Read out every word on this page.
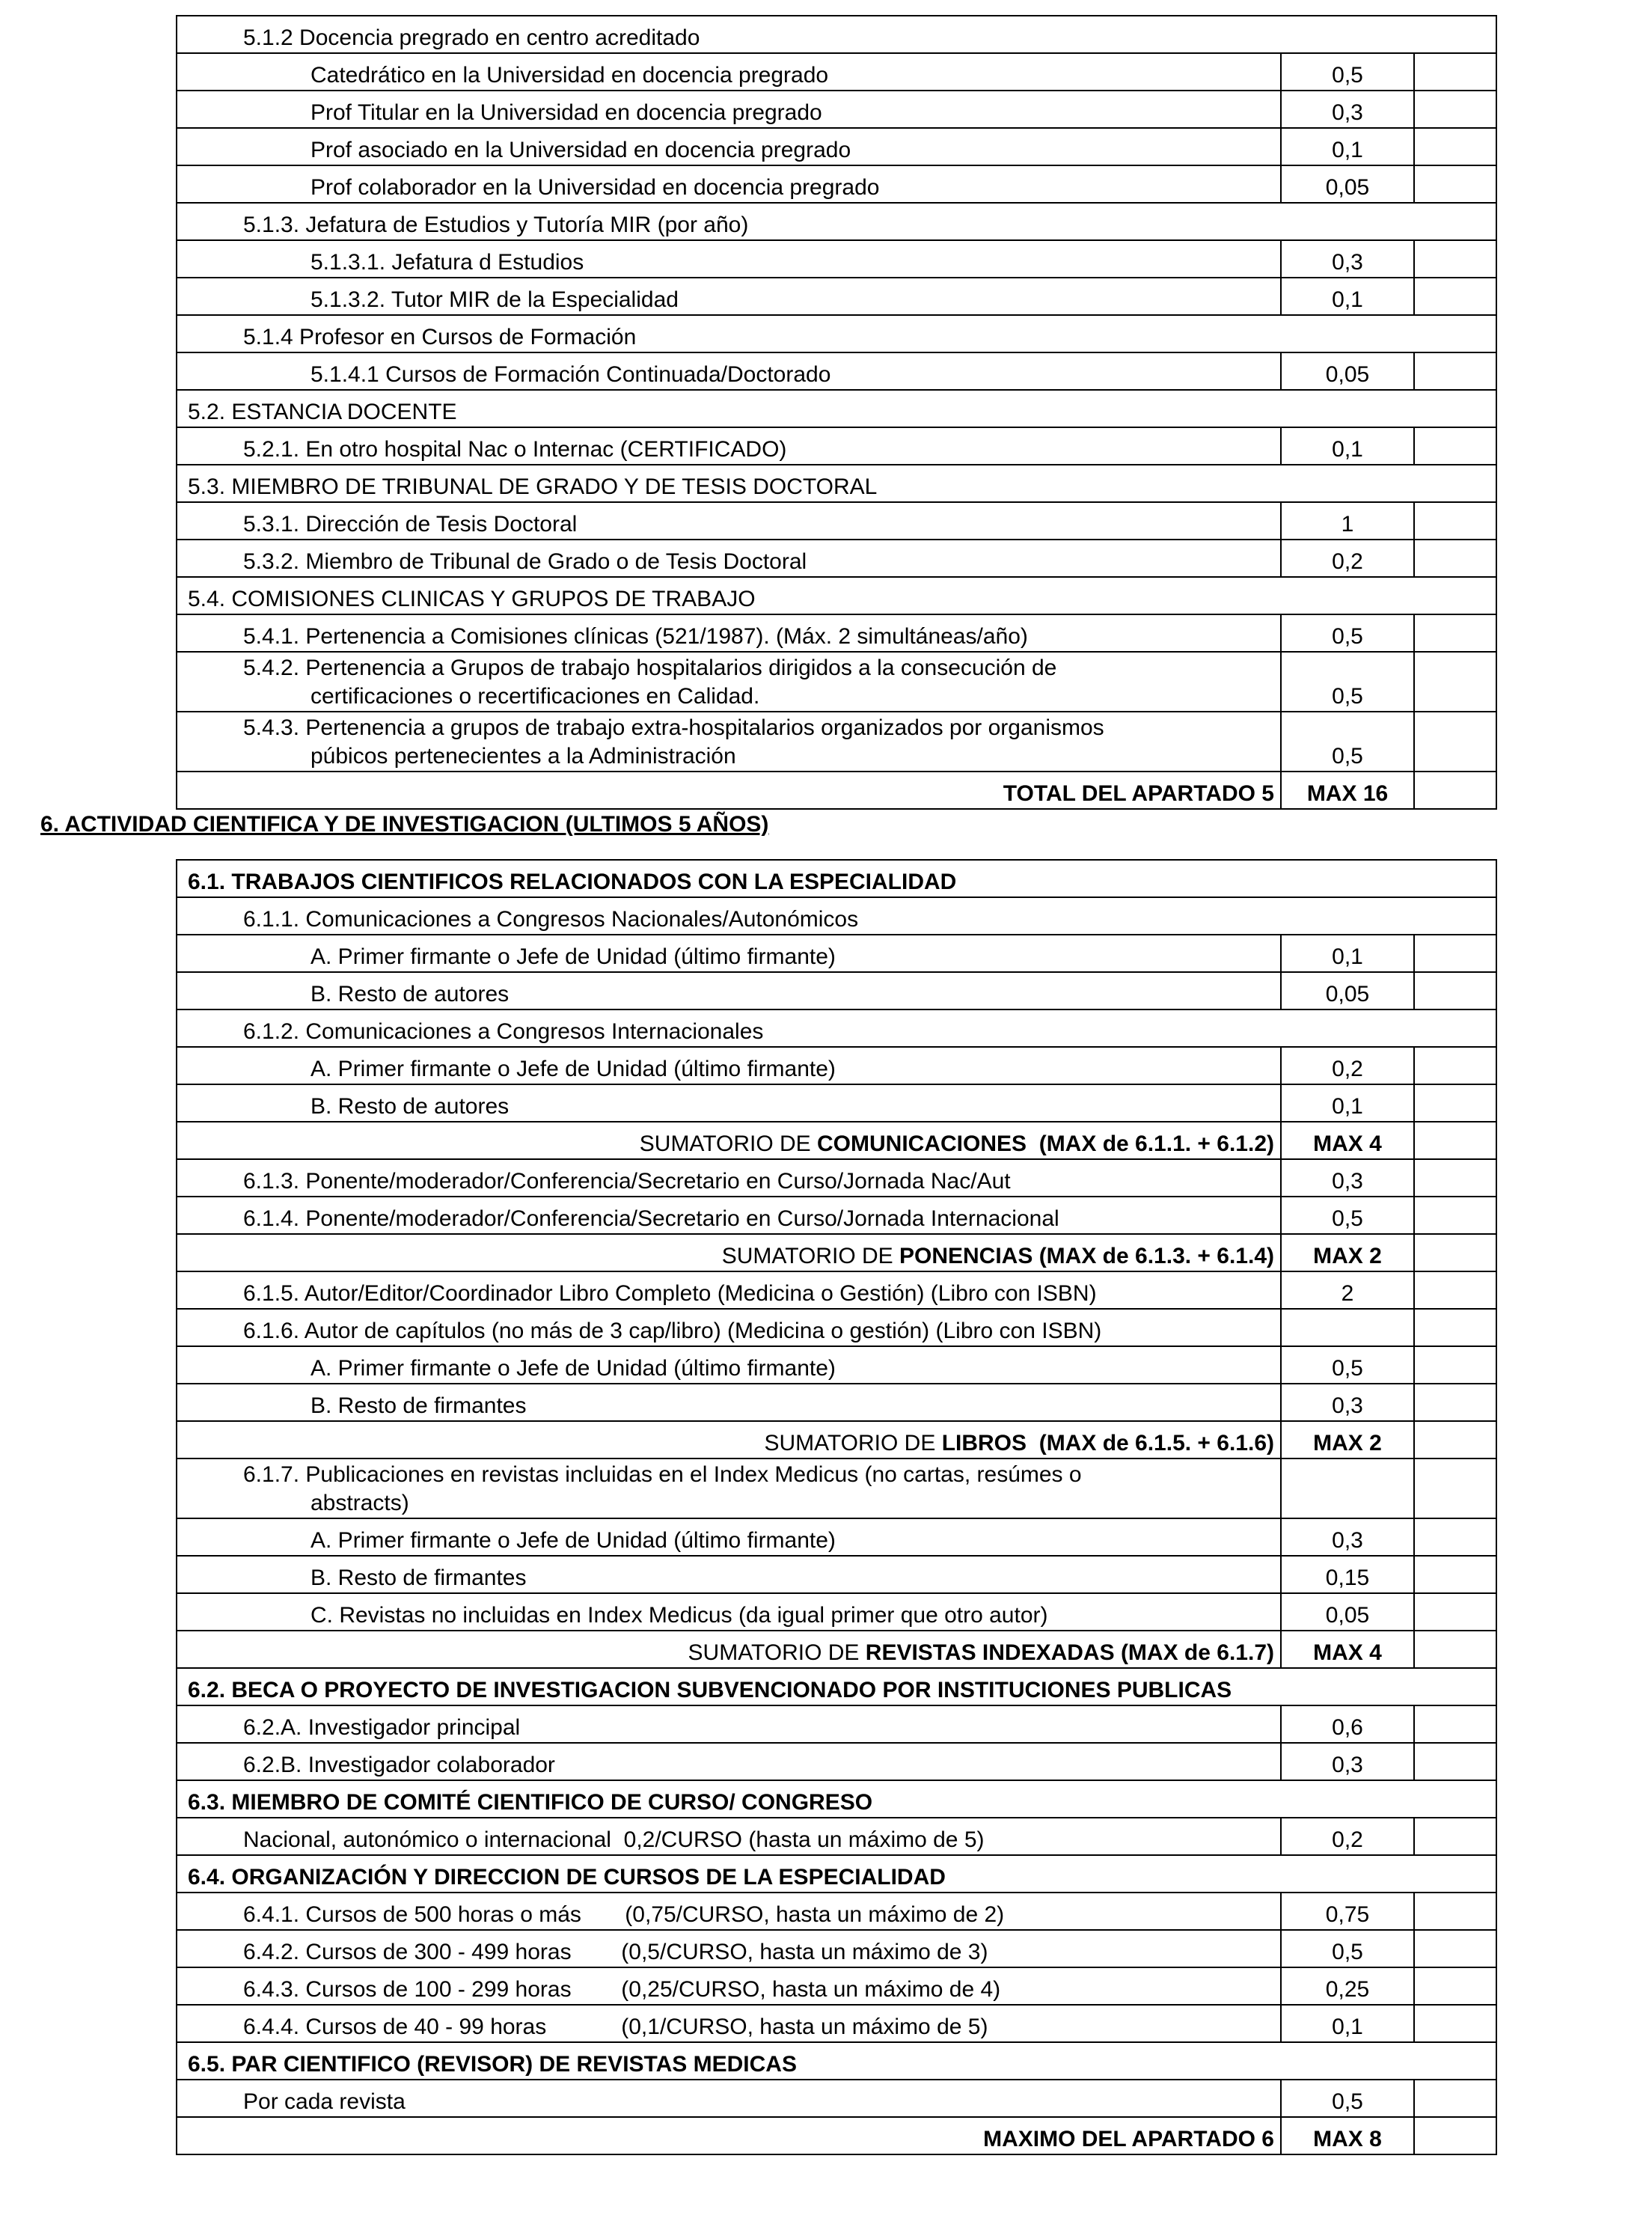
5.1.2 Docencia pregrado en centro acreditado		
Catedrático en la Universidad en docencia pregrado	0,5	
Prof Titular en la Universidad en docencia pregrado	0,3	
Prof asociado en la Universidad en docencia pregrado	0,1	
Prof colaborador en la Universidad en docencia pregrado	0,05	
5.1.3. Jefatura de Estudios y Tutoría MIR (por año)		
5.1.3.1. Jefatura d Estudios	0,3	
5.1.3.2. Tutor MIR de la Especialidad	0,1	
5.1.4 Profesor en Cursos de Formación		
5.1.4.1 Cursos de Formación Continuada/Doctorado	0,05	
5.2. ESTANCIA DOCENTE		
5.2.1. En otro hospital Nac o Internac (CERTIFICADO)	0,1	
5.3. MIEMBRO DE TRIBUNAL DE GRADO Y DE TESIS DOCTORAL		
5.3.1. Dirección de Tesis Doctoral	1	
5.3.2. Miembro de Tribunal de Grado o de Tesis Doctoral	0,2	
5.4. COMISIONES CLINICAS Y GRUPOS DE TRABAJO		
5.4.1. Pertenencia a Comisiones clínicas (521/1987). (Máx. 2 simultáneas/año)	0,5	

5.4.2. Pertenencia a Grupos de trabajo hospitalarios dirigidos a la consecución de
certificaciones o recertificaciones en Calidad.	0,5	

5.4.3. Pertenencia a grupos de trabajo extra-hospitalarios organizados por organismos
púbicos pertenecientes a la Administración	0,5	
TOTAL DEL APARTADO 5	MAX 16	
6. ACTIVIDAD CIENTIFICA Y DE INVESTIGACION (ULTIMOS 5 AÑOS)
6.1. TRABAJOS CIENTIFICOS RELACIONADOS CON LA ESPECIALIDAD		
6.1.1. Comunicaciones a Congresos Nacionales/Autonómicos		
A. Primer firmante o Jefe de Unidad (último firmante)	0,1	
B. Resto de autores	0,05	
6.1.2. Comunicaciones a Congresos Internacionales		
A. Primer firmante o Jefe de Unidad (último firmante)	0,2	
B. Resto de autores	0,1	
SUMATORIO DE COMUNICACIONES  (MAX de 6.1.1. + 6.1.2)	MAX 4	
6.1.3. Ponente/moderador/Conferencia/Secretario en Curso/Jornada Nac/Aut	0,3	
6.1.4. Ponente/moderador/Conferencia/Secretario en Curso/Jornada Internacional	0,5	
SUMATORIO DE PONENCIAS (MAX de 6.1.3. + 6.1.4)	MAX 2	
6.1.5. Autor/Editor/Coordinador Libro Completo (Medicina o Gestión) (Libro con ISBN)	2	
6.1.6. Autor de capítulos (no más de 3 cap/libro) (Medicina o gestión) (Libro con ISBN)		
A. Primer firmante o Jefe de Unidad (último firmante)	0,5	
B. Resto de firmantes	0,3	
SUMATORIO DE LIBROS  (MAX de 6.1.5. + 6.1.6)	MAX 2	

6.1.7. Publicaciones en revistas incluidas en el Index Medicus (no cartas, resúmes o
abstracts)		

A. Primer firmante o Jefe de Unidad (último firmante)	0,3	
B. Resto de firmantes	0,15	
C. Revistas no incluidas en Index Medicus (da igual primer que otro autor)	0,05	
SUMATORIO DE REVISTAS INDEXADAS (MAX de 6.1.7)	MAX 4	
6.2. BECA O PROYECTO DE INVESTIGACION SUBVENCIONADO POR INSTITUCIONES PUBLICAS		
6.2.A. Investigador principal	0,6	
6.2.B. Investigador colaborador	0,3	
6.3. MIEMBRO DE COMITÉ CIENTIFICO DE CURSO/ CONGRESO		
Nacional, autonómico o internacional  0,2/CURSO (hasta un máximo de 5)	0,2	
6.4. ORGANIZACIÓN Y DIRECCION DE CURSOS DE LA ESPECIALIDAD		
6.4.1. Cursos de 500 horas o más       (0,75/CURSO, hasta un máximo de 2)	0,75	
6.4.2. Cursos de 300 - 499 horas        (0,5/CURSO, hasta un máximo de 3)	0,5	
6.4.3. Cursos de 100 - 299 horas        (0,25/CURSO, hasta un máximo de 4)	0,25	
6.4.4. Cursos de 40 - 99 horas            (0,1/CURSO, hasta un máximo de 5)	0,1	
6.5. PAR CIENTIFICO (REVISOR) DE REVISTAS MEDICAS		
Por cada revista	0,5	
MAXIMO DEL APARTADO 6	MAX 8	
